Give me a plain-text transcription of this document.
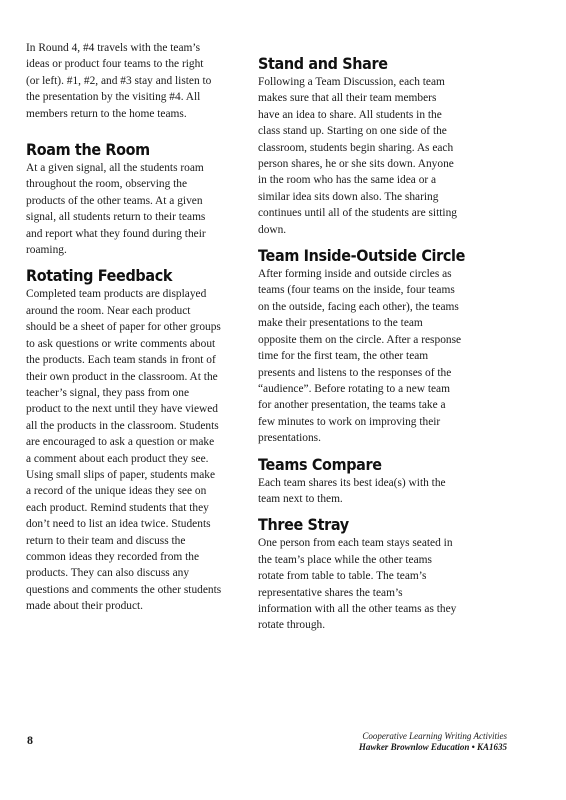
In Round 4, #4 travels with the team’s ideas or product four teams to the right (or left). #1, #2, and #3 stay and listen to the presentation by the visiting #4. All members return to the home teams.

Roam the Room

At a given signal, all the students roam throughout the room, observing the products of the other teams. At a given signal, all students return to their teams and report what they found during their roaming.

Rotating Feedback

Completed team products are displayed around the room. Near each product should be a sheet of paper for other groups to ask questions or write comments about the products. Each team stands in front of their own product in the classroom. At the teacher’s signal, they pass from one product to the next until they have viewed all the products in the classroom. Students are encouraged to ask a question or make a comment about each product they see. Using small slips of paper, students make a record of the unique ideas they see on each product. Remind students that they don’t need to list an idea twice. Students return to their team and discuss the common ideas they recorded from the products. They can also discuss any questions and comments the other students made about their product.

Stand and Share

Following a Team Discussion, each team makes sure that all their team members have an idea to share. All students in the class stand up. Starting on one side of the classroom, students begin sharing. As each person shares, he or she sits down. Anyone in the room who has the same idea or a similar idea sits down also. The sharing continues until all of the students are sitting down.

Team Inside-Outside Circle

After forming inside and outside circles as teams (four teams on the inside, four teams on the outside, facing each other), the teams make their presentations to the team opposite them on the circle. After a response time for the first team, the other team presents and listens to the responses of the “audience”. Before rotating to a new team for another presentation, the teams take a few minutes to work on improving their presentations.

Teams Compare

Each team shares its best idea(s) with the team next to them.

Three Stray

One person from each team stays seated in the team’s place while the other teams rotate from table to table. The team’s representative shares the team’s information with all the other teams as they rotate through.

8	Cooperative Learning Writing Activities
Hawker Brownlow Education • KA1635
